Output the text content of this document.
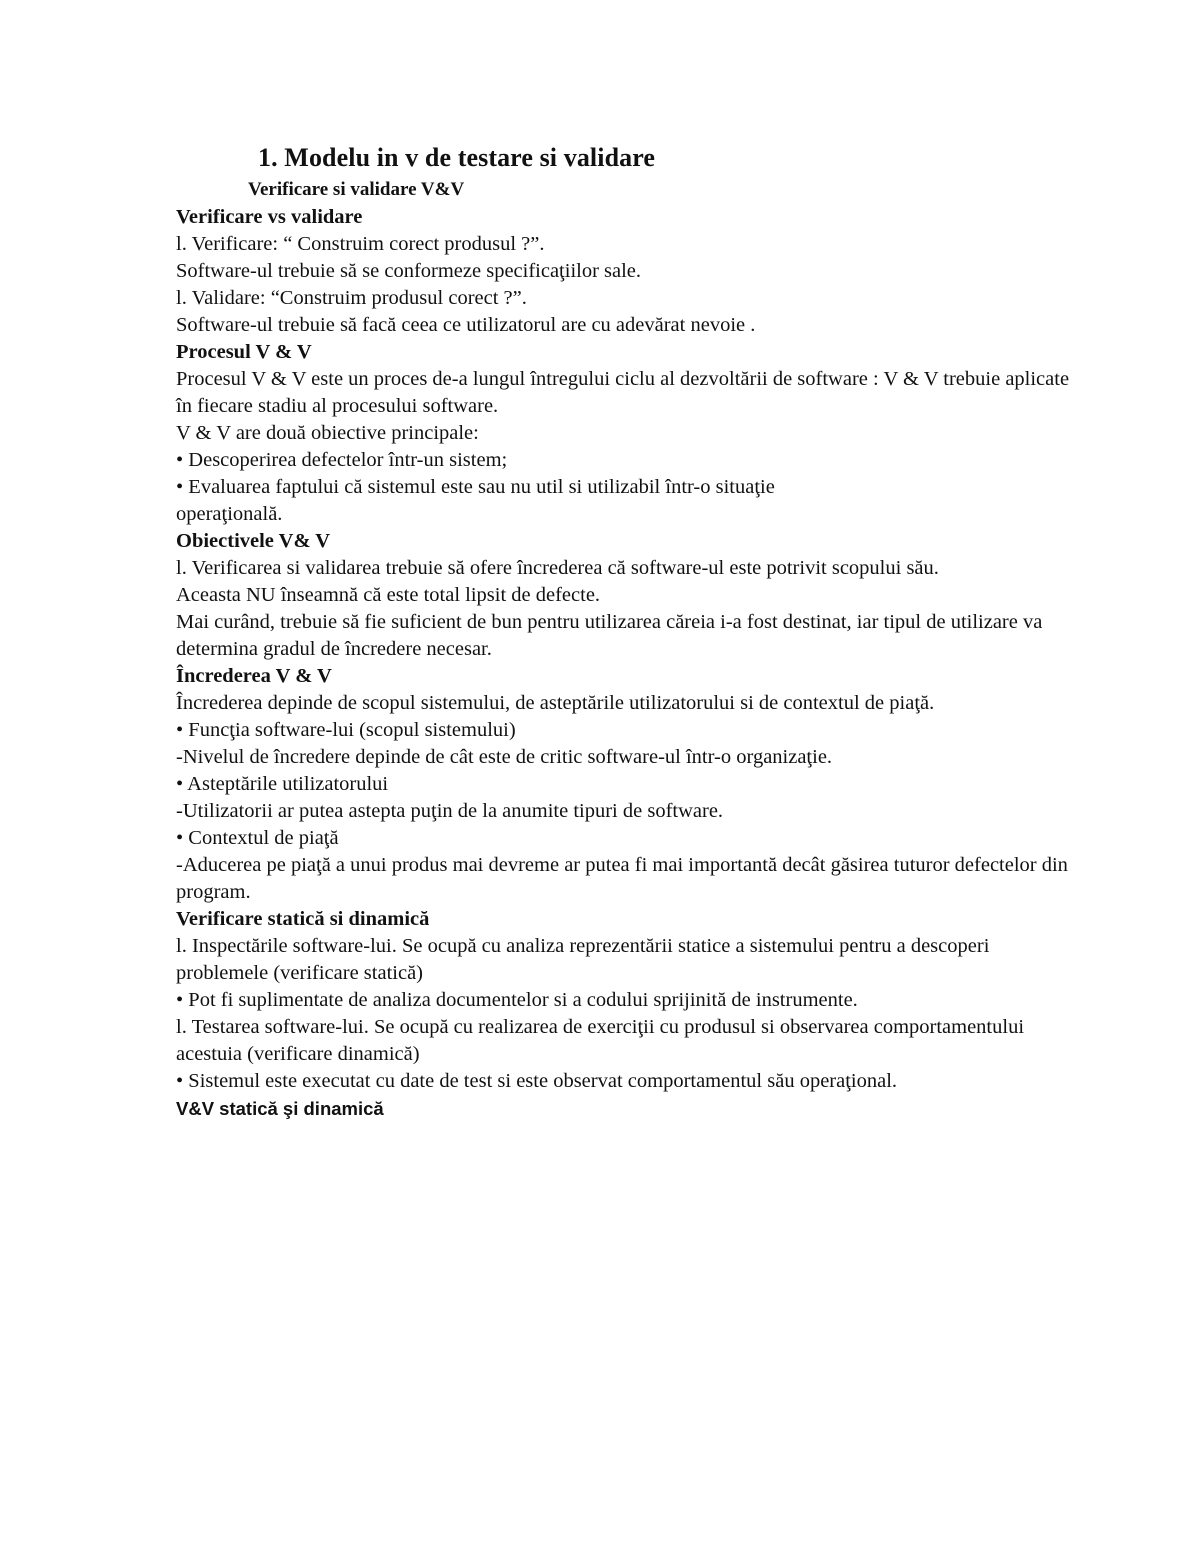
1. Modelu in v de testare si validare
Verificare si validare V&V
Verificare vs validare

l. Verificare: “ Construim corect produsul ?”.

Software-ul trebuie să se conformeze specificaţiilor sale.

l. Validare: “Construim produsul corect ?”.

Software-ul trebuie să facă ceea ce utilizatorul are cu adevărat nevoie .

Procesul V & V

Procesul V & V este un proces de-a lungul întregului ciclu al dezvoltării de software : V & V trebuie aplicate în fiecare stadiu al procesului software.

V & V are două obiective principale:

• Descoperirea defectelor într-un sistem;

• Evaluarea faptului că sistemul este sau nu util si utilizabil într-o situaţie

operaţională.

Obiectivele V& V

l. Verificarea si validarea trebuie să ofere încrederea că software-ul este potrivit scopului său.

Aceasta NU înseamnă că este total lipsit de defecte.

Mai curând, trebuie să fie suficient de bun pentru utilizarea căreia i-a fost destinat, iar tipul de utilizare va determina gradul de încredere necesar.

Încrederea V & V

Încrederea depinde de scopul sistemului, de asteptările utilizatorului si de contextul de piaţă.

• Funcţia software-lui (scopul sistemului)

-Nivelul de încredere depinde de cât este de critic software-ul într-o organizaţie.

• Asteptările utilizatorului

-Utilizatorii ar putea astepta puţin de la anumite tipuri de software.

• Contextul de piaţă

-Aducerea pe piaţă a unui produs mai devreme ar putea fi mai importantă decât găsirea tuturor defectelor din program.

Verificare statică si dinamică

l. Inspectările software-lui. Se ocupă cu analiza reprezentării statice a sistemului pentru a descoperi problemele (verificare statică)

• Pot fi suplimentate de analiza documentelor si a codului sprijinită de instrumente.

l. Testarea software-lui. Se ocupă cu realizarea de exerciţii cu produsul si observarea comportamentului acestuia (verificare dinamică)

• Sistemul este executat cu date de test si este observat comportamentul său operaţional.

V&V statică şi dinamică
